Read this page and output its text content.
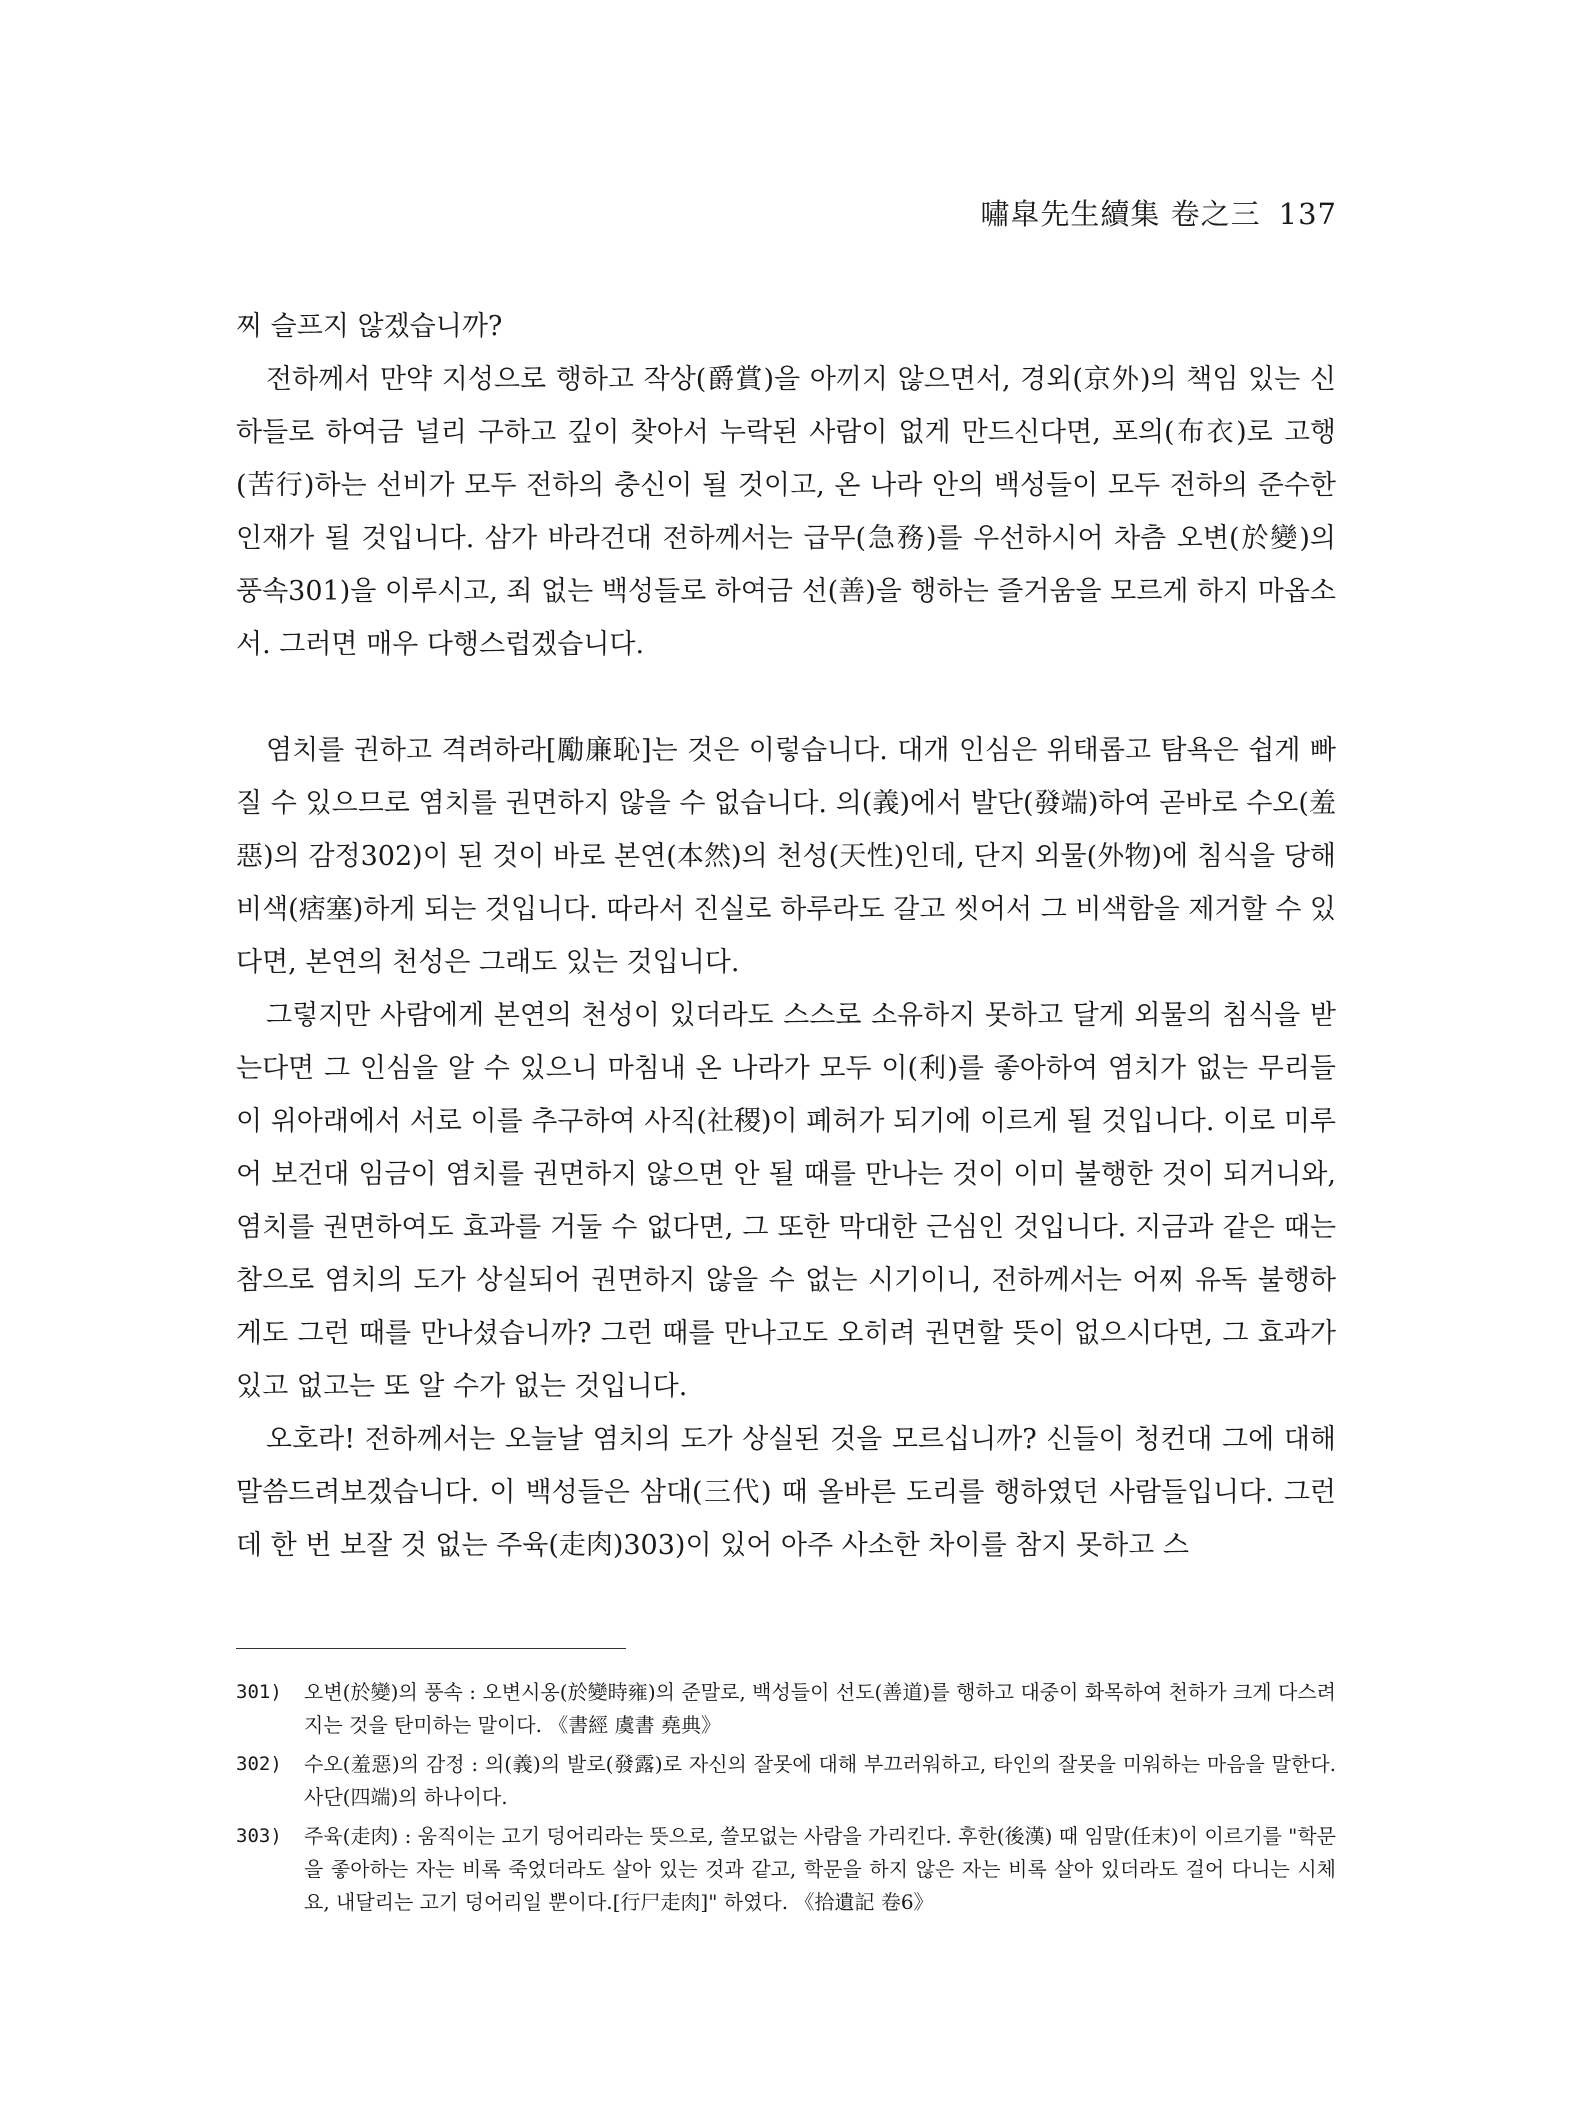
嘯皐先生續集 卷之三 137

찌 슬프지 않겠습니까?

전하께서 만약 지성으로 행하고 작상(爵賞)을 아끼지 않으면서, 경외(京外)의 책임 있는 신하들로 하여금 널리 구하고 깊이 찾아서 누락된 사람이 없게 만드신다면, 포의(布衣)로 고행(苦行)하는 선비가 모두 전하의 충신이 될 것이고, 온 나라 안의 백성들이 모두 전하의 준수한 인재가 될 것입니다. 삼가 바라건대 전하께서는 급무(急務)를 우선하시어 차츰 오변(於變)의 풍속301)을 이루시고, 죄 없는 백성들로 하여금 선(善)을 행하는 즐거움을 모르게 하지 마옵소서. 그러면 매우 다행스럽겠습니다.

염치를 권하고 격려하라[勵廉恥]는 것은 이렇습니다. 대개 인심은 위태롭고 탐욕은 쉽게 빠질 수 있으므로 염치를 권면하지 않을 수 없습니다. 의(義)에서 발단(發端)하여 곧바로 수오(羞惡)의 감정302)이 된 것이 바로 본연(本然)의 천성(天性)인데, 단지 외물(外物)에 침식을 당해 비색(痞塞)하게 되는 것입니다. 따라서 진실로 하루라도 갈고 씻어서 그 비색함을 제거할 수 있다면, 본연의 천성은 그래도 있는 것입니다.

그렇지만 사람에게 본연의 천성이 있더라도 스스로 소유하지 못하고 달게 외물의 침식을 받는다면 그 인심을 알 수 있으니 마침내 온 나라가 모두 이(利)를 좋아하여 염치가 없는 무리들이 위아래에서 서로 이를 추구하여 사직(社稷)이 폐허가 되기에 이르게 될 것입니다. 이로 미루어 보건대 임금이 염치를 권면하지 않으면 안 될 때를 만나는 것이 이미 불행한 것이 되거니와, 염치를 권면하여도 효과를 거둘 수 없다면, 그 또한 막대한 근심인 것입니다. 지금과 같은 때는 참으로 염치의 도가 상실되어 권면하지 않을 수 없는 시기이니, 전하께서는 어찌 유독 불행하게도 그런 때를 만나셨습니까? 그런 때를 만나고도 오히려 권면할 뜻이 없으시다면, 그 효과가 있고 없고는 또 알 수가 없는 것입니다.

오호라! 전하께서는 오늘날 염치의 도가 상실된 것을 모르십니까? 신들이 청컨대 그에 대해 말씀드려보겠습니다. 이 백성들은 삼대(三代) 때 올바른 도리를 행하였던 사람들입니다. 그런데 한 번 보잘 것 없는 주육(走肉)303)이 있어 아주 사소한 차이를 참지 못하고 스

301)	오변(於變)의 풍속 : 오변시옹(於變時雍)의 준말로, 백성들이 선도(善道)를 행하고 대중이 화목하여 천하가 크게 다스려지는 것을 탄미하는 말이다. 《書經 虞書 堯典》
302)	수오(羞惡)의 감정 : 의(義)의 발로(發露)로 자신의 잘못에 대해 부끄러워하고, 타인의 잘못을 미워하는 마음을 말한다. 사단(四端)의 하나이다.
303)	주육(走肉) : 움직이는 고기 덩어리라는 뜻으로, 쓸모없는 사람을 가리킨다. 후한(後漢) 때 임말(任末)이 이르기를 "학문을 좋아하는 자는 비록 죽었더라도 살아 있는 것과 같고, 학문을 하지 않은 자는 비록 살아 있더라도 걸어 다니는 시체요, 내달리는 고기 덩어리일 뿐이다.[行尸走肉]" 하였다. 《拾遺記 卷6》
